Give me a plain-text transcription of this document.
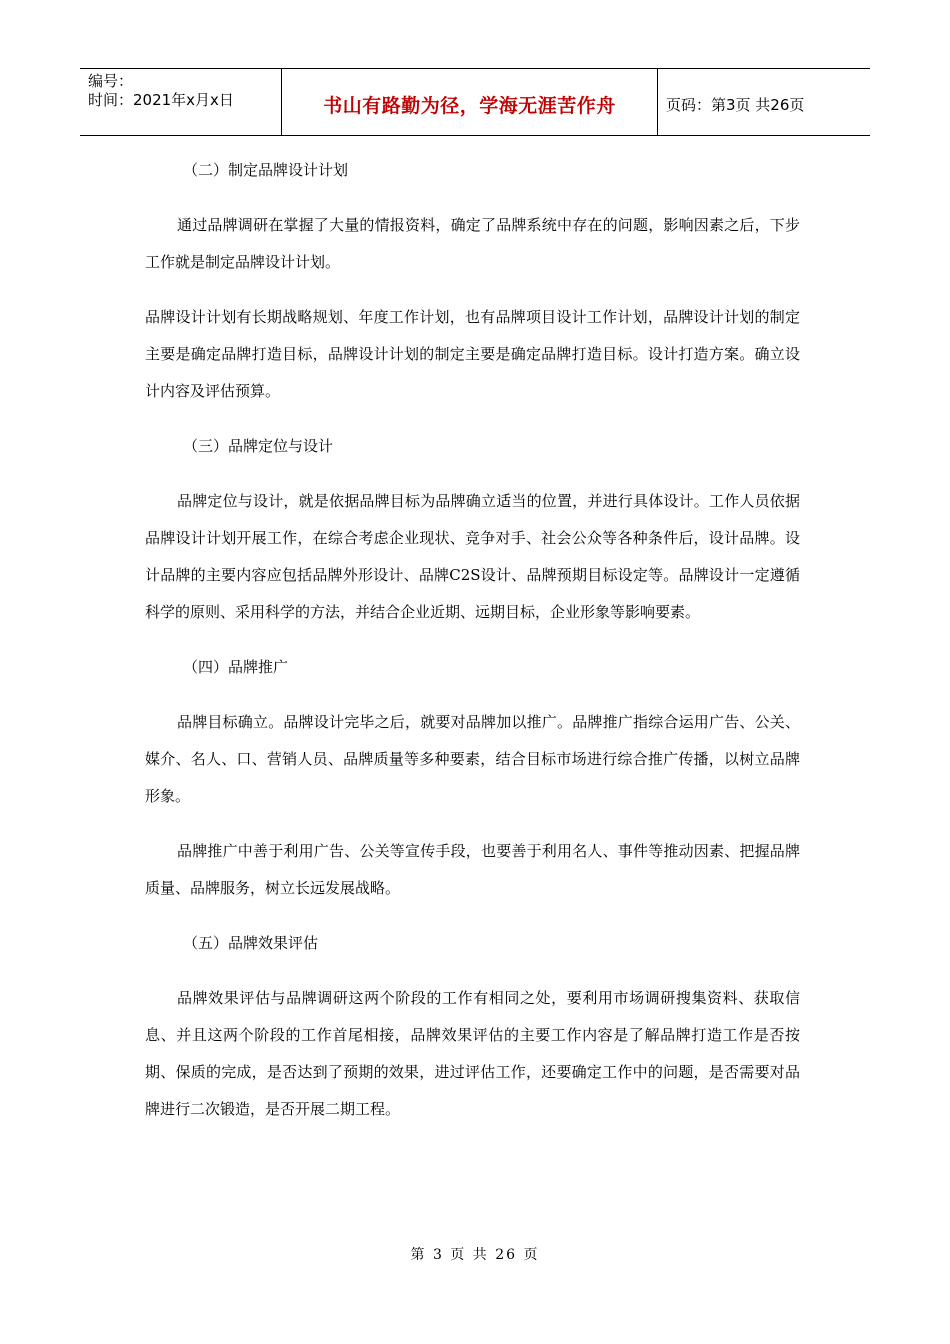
编号：
时间：2021年x月x日	书山有路勤为径，学海无涯苦作舟	页码：第3页 共26页

（二）制定品牌设计计划

通过品牌调研在掌握了大量的情报资料，确定了品牌系统中存在的问题，影响因素之后，下步工作就是制定品牌设计计划。

品牌设计计划有长期战略规划、年度工作计划，也有品牌项目设计工作计划，品牌设计计划的制定主要是确定品牌打造目标，品牌设计计划的制定主要是确定品牌打造目标。设计打造方案。确立设计内容及评估预算。

（三）品牌定位与设计

品牌定位与设计，就是依据品牌目标为品牌确立适当的位置，并进行具体设计。工作人员依据品牌设计计划开展工作，在综合考虑企业现状、竞争对手、社会公众等各种条件后，设计品牌。设计品牌的主要内容应包括品牌外形设计、品牌C2S设计、品牌预期目标设定等。品牌设计一定遵循科学的原则、采用科学的方法，并结合企业近期、远期目标，企业形象等影响要素。

（四）品牌推广

品牌目标确立。品牌设计完毕之后，就要对品牌加以推广。品牌推广指综合运用广告、公关、媒介、名人、口、营销人员、品牌质量等多种要素，结合目标市场进行综合推广传播，以树立品牌形象。

品牌推广中善于利用广告、公关等宣传手段，也要善于利用名人、事件等推动因素、把握品牌质量、品牌服务，树立长远发展战略。

（五）品牌效果评估

品牌效果评估与品牌调研这两个阶段的工作有相同之处，要利用市场调研搜集资料、获取信息、并且这两个阶段的工作首尾相接，品牌效果评估的主要工作内容是了解品牌打造工作是否按期、保质的完成，是否达到了预期的效果，进过评估工作，还要确定工作中的问题，是否需要对品牌进行二次锻造，是否开展二期工程。

第 3 页 共 26 页
